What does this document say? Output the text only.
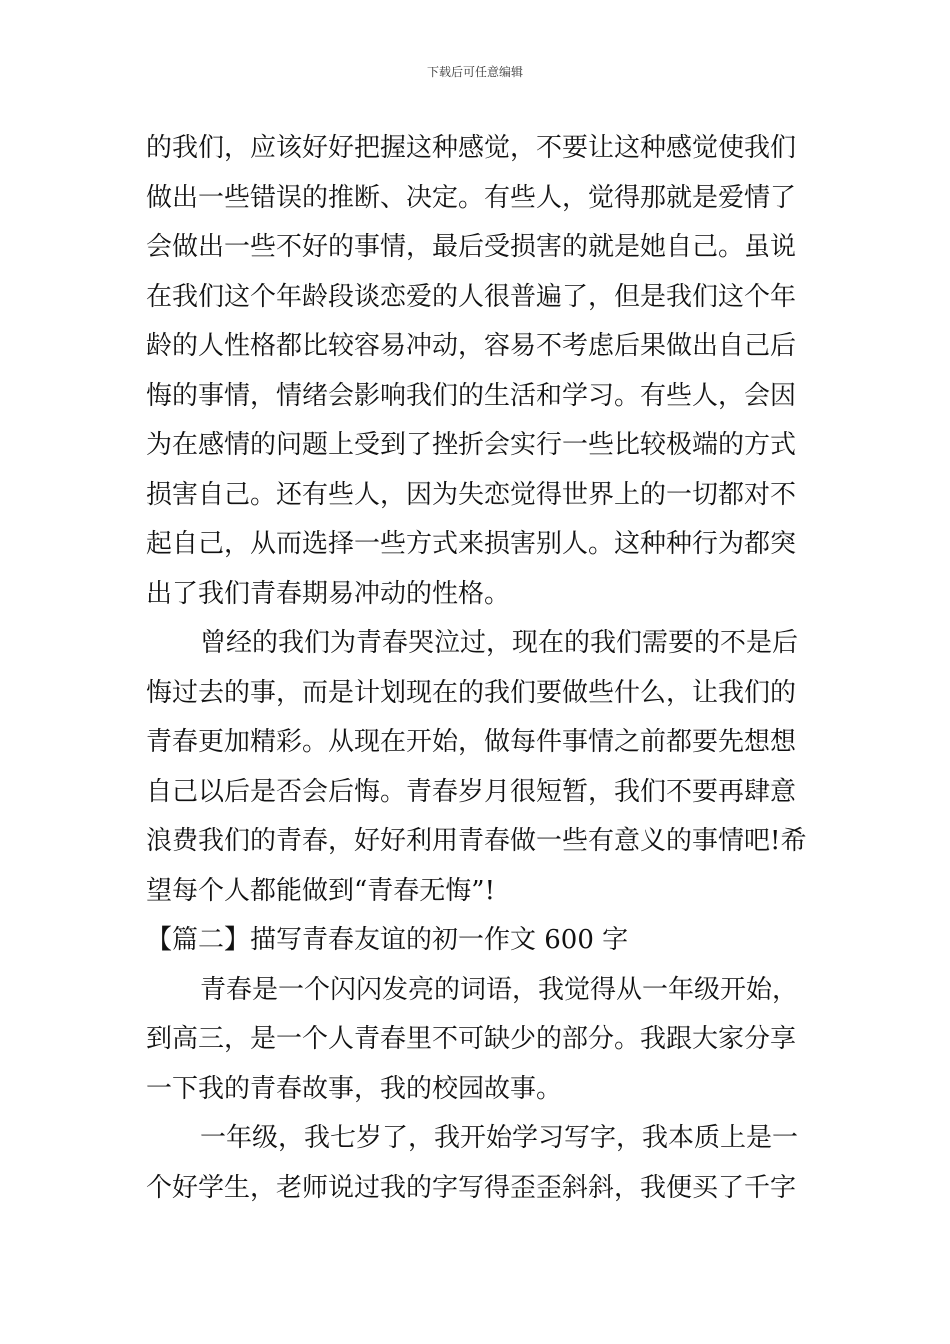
下载后可任意编辑
的我们，应该好好把握这种感觉，不要让这种感觉使我们
做出一些错误的推断、决定。有些人，觉得那就是爱情了
会做出一些不好的事情，最后受损害的就是她自己。虽说
在我们这个年龄段谈恋爱的人很普遍了，但是我们这个年
龄的人性格都比较容易冲动，容易不考虑后果做出自己后
悔的事情，情绪会影响我们的生活和学习。有些人，会因
为在感情的问题上受到了挫折会实行一些比较极端的方式
损害自己。还有些人，因为失恋觉得世界上的一切都对不
起自己，从而选择一些方式来损害别人。这种种行为都突
出了我们青春期易冲动的性格。
曾经的我们为青春哭泣过，现在的我们需要的不是后
悔过去的事，而是计划现在的我们要做些什么，让我们的
青春更加精彩。从现在开始，做每件事情之前都要先想想
自己以后是否会后悔。青春岁月很短暂，我们不要再肆意
浪费我们的青春，好好利用青春做一些有意义的事情吧!希
望每个人都能做到“青春无悔”!
【篇二】描写青春友谊的初一作文 600 字
青春是一个闪闪发亮的词语，我觉得从一年级开始，
到高三，是一个人青春里不可缺少的部分。我跟大家分享
一下我的青春故事，我的校园故事。
一年级，我七岁了，我开始学习写字，我本质上是一
个好学生，老师说过我的字写得歪歪斜斜，我便买了千字
